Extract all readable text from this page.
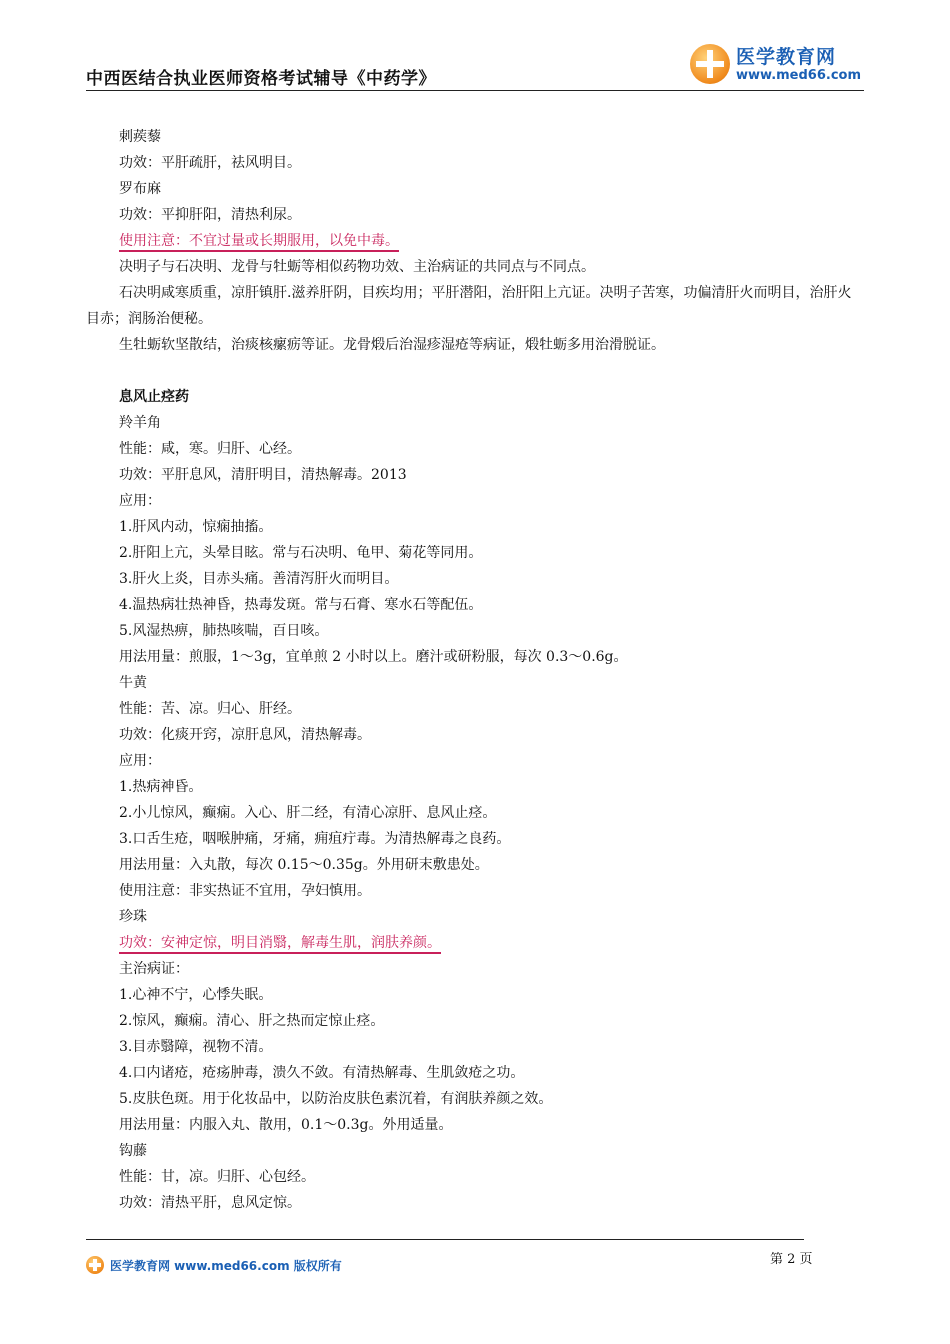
中西医结合执业医师资格考试辅导《中药学》
医学教育网
www.med66.com
刺蒺藜
功效：平肝疏肝，祛风明目。
罗布麻
功效：平抑肝阳，清热利尿。
使用注意：不宜过量或长期服用，以免中毒。
决明子与石决明、龙骨与牡蛎等相似药物功效、主治病证的共同点与不同点。
石决明咸寒质重，凉肝镇肝.滋养肝阴，目疾均用；平肝潜阳，治肝阳上亢证。决明子苦寒，功偏清肝火而明目，治肝火目赤；润肠治便秘。
生牡蛎软坚散结，治痰核瘰疬等证。龙骨煅后治湿疹湿疮等病证，煅牡蛎多用治滑脱证。
息风止痉药
羚羊角
性能：咸，寒。归肝、心经。
功效：平肝息风，清肝明目，清热解毒。2013
应用：
1.肝风内动，惊痫抽搐。
2.肝阳上亢，头晕目眩。常与石决明、龟甲、菊花等同用。
3.肝火上炎，目赤头痛。善清泻肝火而明目。
4.温热病壮热神昏，热毒发斑。常与石膏、寒水石等配伍。
5.风湿热痹，肺热咳喘，百日咳。
用法用量：煎服，1～3g，宜单煎 2 小时以上。磨汁或研粉服，每次 0.3～0.6g。
牛黄
性能：苦、凉。归心、肝经。
功效：化痰开窍，凉肝息风，清热解毒。
应用：
1.热病神昏。
2.小儿惊风，癫痫。入心、肝二经，有清心凉肝、息风止痉。
3.口舌生疮，咽喉肿痛，牙痛，痈疽疔毒。为清热解毒之良药。
用法用量：入丸散，每次 0.15～0.35g。外用研末敷患处。
使用注意：非实热证不宜用，孕妇慎用。
珍珠
功效：安神定惊，明目消翳，解毒生肌，润肤养颜。
主治病证：
1.心神不宁，心悸失眠。
2.惊风，癫痫。清心、肝之热而定惊止痉。
3.目赤翳障，视物不清。
4.口内诸疮，疮疡肿毒，溃久不敛。有清热解毒、生肌敛疮之功。
5.皮肤色斑。用于化妆品中，以防治皮肤色素沉着，有润肤养颜之效。
用法用量：内服入丸、散用，0.1～0.3g。外用适量。
钩藤
性能：甘，凉。归肝、心包经。
功效：清热平肝，息风定惊。
医学教育网 www.med66.com 版权所有	第 2 页
